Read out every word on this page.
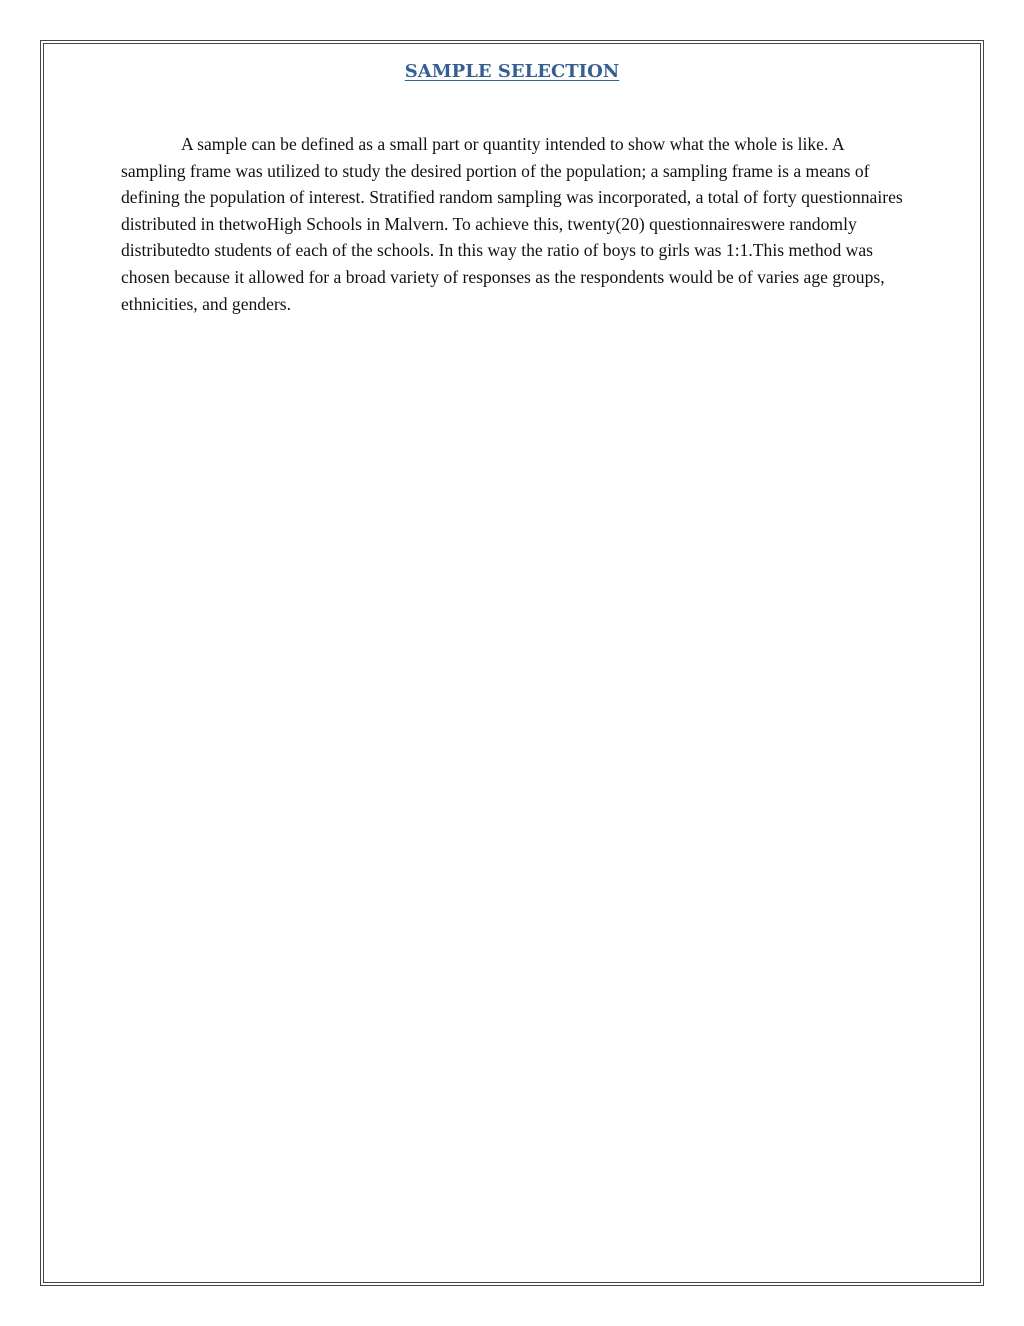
SAMPLE SELECTION

A sample can be defined as a small part or quantity intended to show what the whole is like. A sampling frame was utilized to study the desired portion of the population; a sampling frame is a means of defining the population of interest. Stratified random sampling was incorporated, a total of forty questionnaires distributed in thetwoHigh Schools in Malvern. To achieve this, twenty(20) questionnaireswere randomly distributedto students of each of the schools. In this way the ratio of boys to girls was 1:1.This method was chosen because it allowed for a broad variety of responses as the respondents would be of varies age groups, ethnicities, and genders.
